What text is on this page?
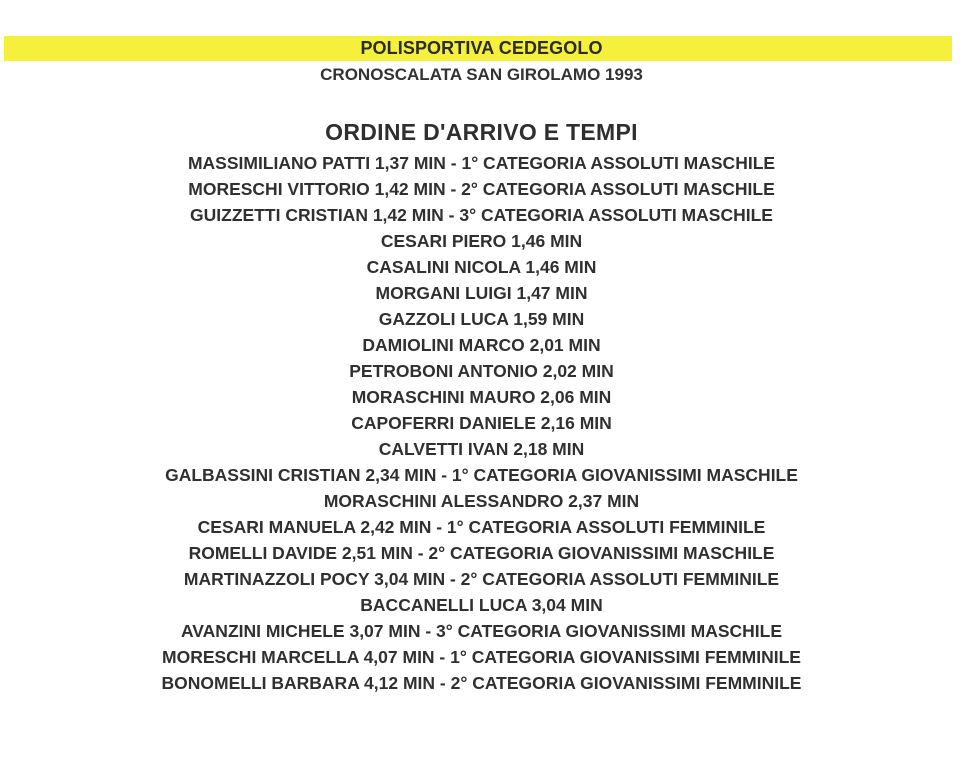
POLISPORTIVA CEDEGOLO
CRONOSCALATA SAN GIROLAMO 1993
ORDINE D'ARRIVO E TEMPI
MASSIMILIANO PATTI 1,37 MIN - 1° CATEGORIA ASSOLUTI MASCHILE
MORESCHI VITTORIO 1,42 MIN - 2° CATEGORIA ASSOLUTI MASCHILE
GUIZZETTI CRISTIAN 1,42 MIN - 3° CATEGORIA ASSOLUTI MASCHILE
CESARI PIERO 1,46 MIN
CASALINI NICOLA 1,46 MIN
MORGANI LUIGI 1,47 MIN
GAZZOLI LUCA 1,59 MIN
DAMIOLINI MARCO 2,01 MIN
PETROBONI ANTONIO 2,02 MIN
MORASCHINI MAURO 2,06 MIN
CAPOFERRI DANIELE 2,16 MIN
CALVETTI IVAN 2,18 MIN
GALBASSINI CRISTIAN 2,34 MIN - 1° CATEGORIA GIOVANISSIMI MASCHILE
MORASCHINI ALESSANDRO 2,37 MIN
CESARI MANUELA 2,42 MIN - 1° CATEGORIA ASSOLUTI FEMMINILE
ROMELLI DAVIDE 2,51 MIN - 2° CATEGORIA GIOVANISSIMI MASCHILE
MARTINAZZOLI POCY 3,04 MIN - 2° CATEGORIA ASSOLUTI FEMMINILE
BACCANELLI LUCA 3,04 MIN
AVANZINI MICHELE 3,07 MIN - 3° CATEGORIA GIOVANISSIMI MASCHILE
MORESCHI MARCELLA 4,07 MIN - 1° CATEGORIA GIOVANISSIMI FEMMINILE
BONOMELLI BARBARA 4,12 MIN - 2° CATEGORIA GIOVANISSIMI FEMMINILE
